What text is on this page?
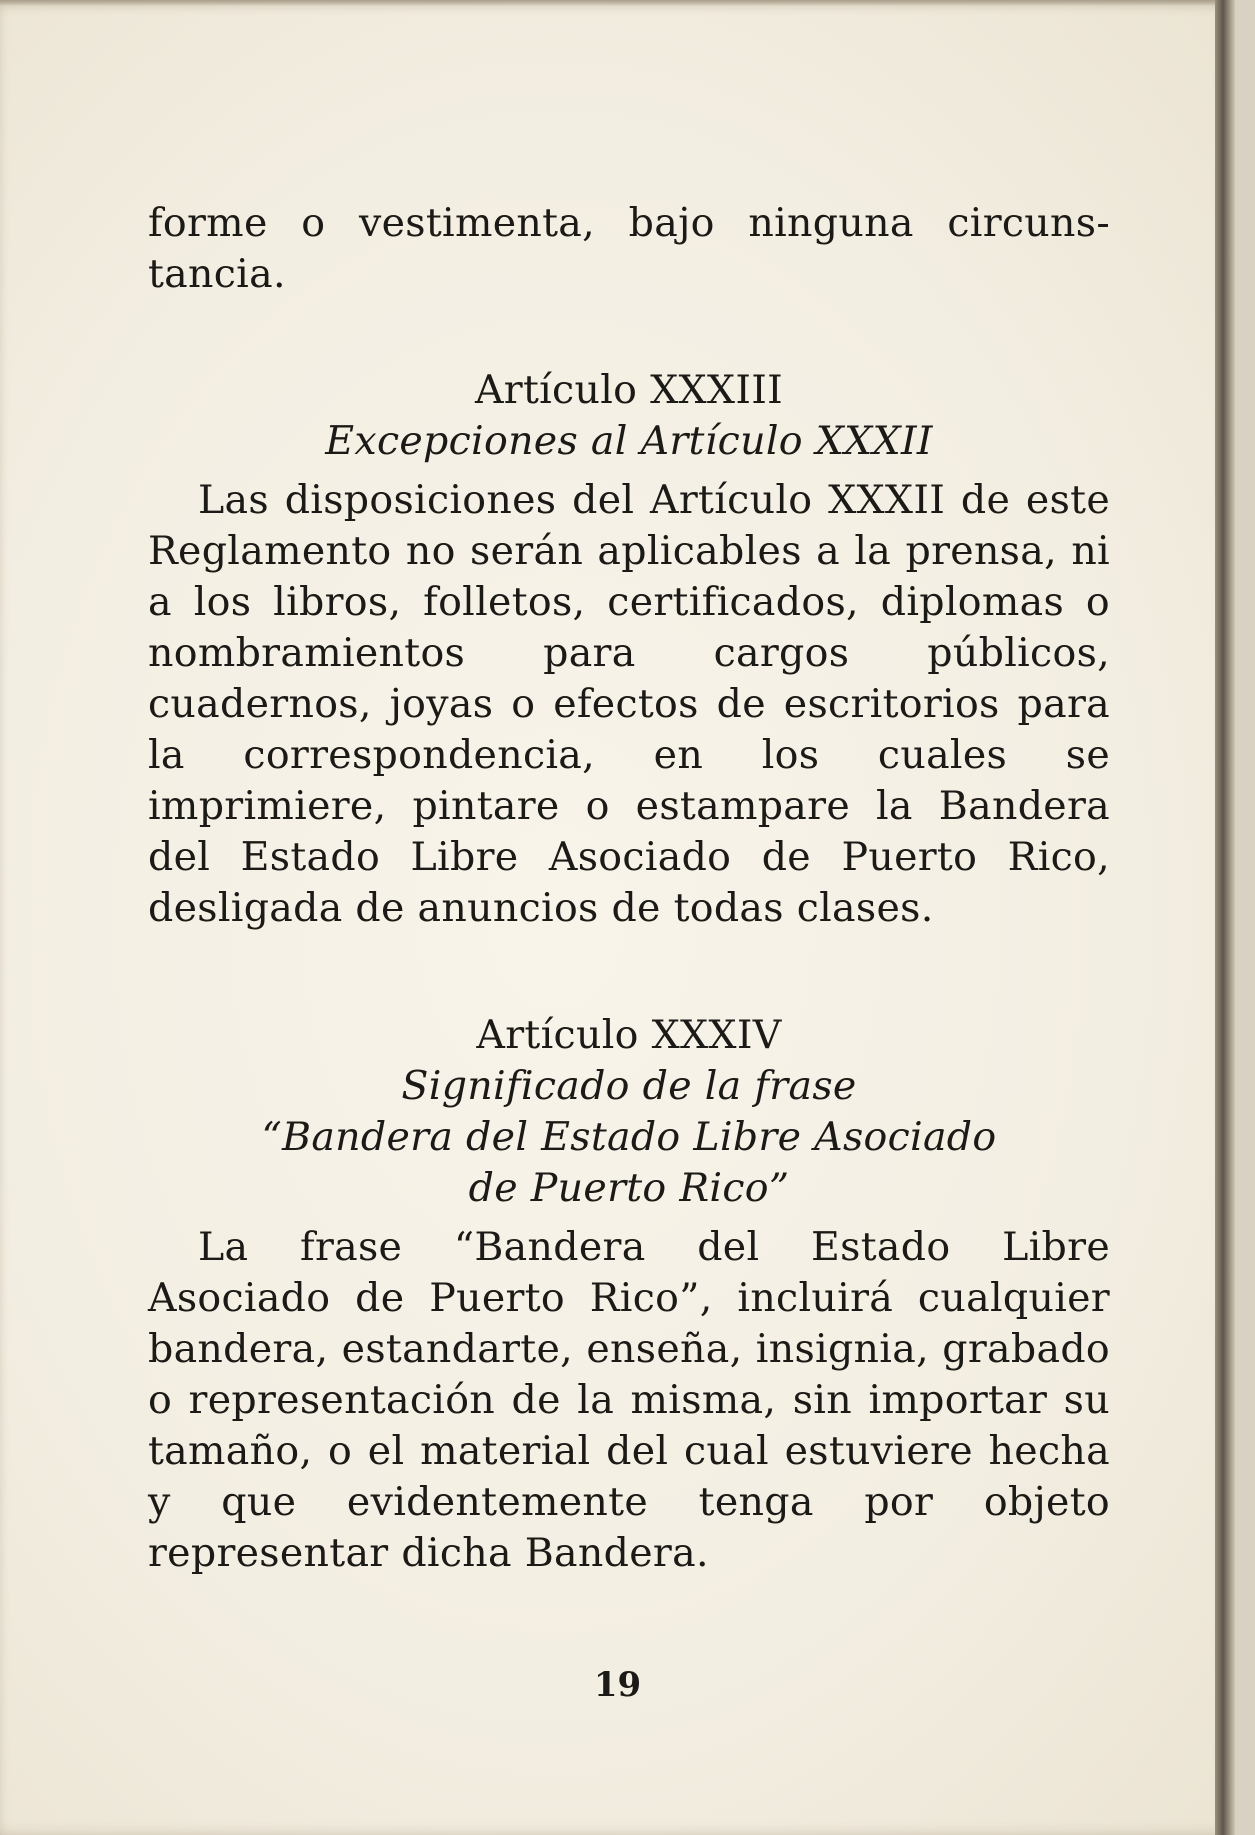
forme o vestimenta, bajo ninguna circuns-tancia.

Artículo XXXIII

Excepciones al Artículo XXXII

Las disposiciones del Artículo XXXII de este Reglamento no serán aplicables a la prensa, ni a los libros, folletos, certificados, diplomas o nombramientos para cargos públicos, cuadernos, joyas o efectos de escritorios para la correspondencia, en los cuales se imprimiere, pintare o estampare la Bandera del Estado Libre Asociado de Puerto Rico, desligada de anuncios de todas clases.

Artículo XXXIV

Significado de la frase

“Bandera del Estado Libre Asociado

de Puerto Rico”

La frase “Bandera del Estado Libre Asociado de Puerto Rico”, incluirá cualquier bandera, estandarte, enseña, insignia, grabado o representación de la misma, sin importar su tamaño, o el material del cual estuviere hecha y que evidentemente tenga por objeto representar dicha Bandera.

19
